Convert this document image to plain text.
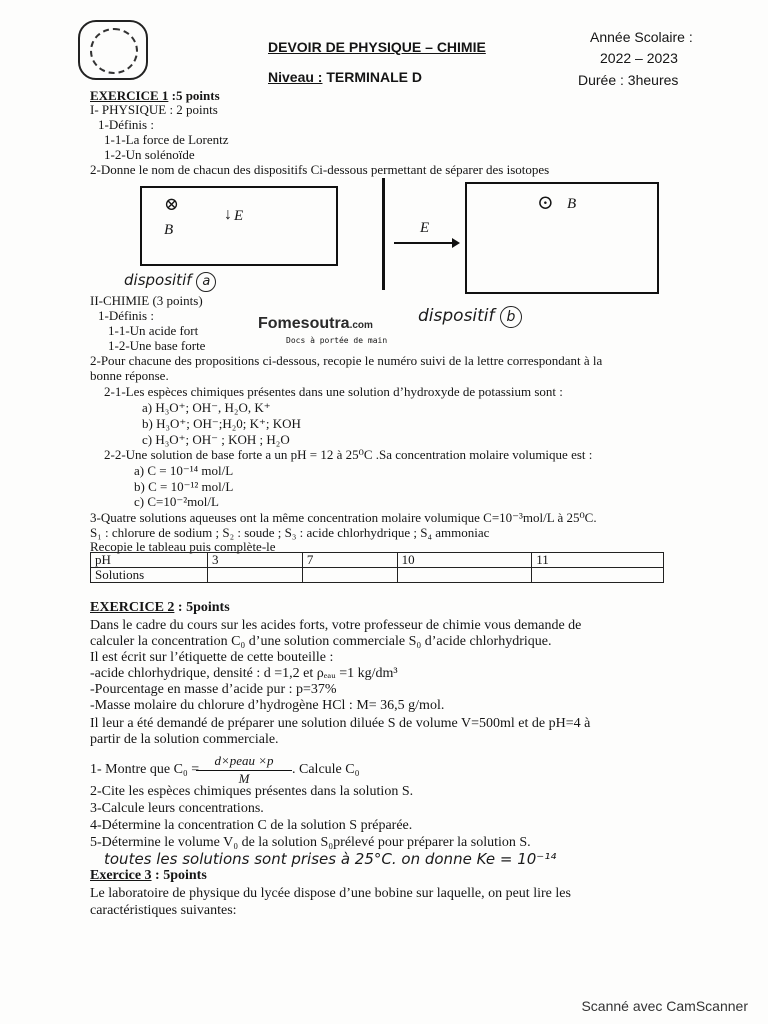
DEVOIR DE PHYSIQUE – CHIMIE
Niveau : TERMINALE D
Année Scolaire :
2022 – 2023
Durée : 3heures
EXERCICE 1 :5 points
I- PHYSIQUE : 2 points
1-Définis :
1-1-La force de Lorentz
1-2-Un solénoïde
2-Donne le nom de chacun des dispositifs Ci-dessous permettant de séparer des isotopes
⊗
B⃗
↓ E⃗
dispositif a
E⃗
⊙ B⃗
II-CHIMIE (3 points)
1-Définis :
1-1-Un acide fort
1-2-Une base forte
Fomesoutra.com
Docs à portée de main
dispositif b
2-Pour chacune des propositions ci-dessous, recopie le numéro suivi de la lettre correspondant à la
bonne réponse.
2-1-Les espèces chimiques présentes dans une solution d’hydroxyde de potassium sont :
a) H₃O⁺; OH⁻, H₂O, K⁺
b) H₃O⁺; OH⁻;H₂0; K⁺; KOH
c) H₃O⁺; OH⁻ ; KOH ; H₂O
2-2-Une solution de base forte a un pH = 12 à 25⁰C .Sa concentration molaire volumique est :
a) C = 10⁻¹⁴ mol/L
b) C = 10⁻¹² mol/L
c) C=10⁻²mol/L
3-Quatre solutions aqueuses ont la même concentration molaire volumique C=10⁻³mol/L à 25⁰C.
S₁ : chlorure de sodium ; S₂ : soude ; S₃ : acide chlorhydrique ; S₄ ammoniac
Recopie le tableau puis complète-le
pH	3	7	10	11
Solutions				
EXERCICE 2 : 5points
Dans le cadre du cours sur les acides forts, votre professeur de chimie vous demande de
calculer la concentration C₀ d’une solution commerciale S₀ d’acide chlorhydrique.
Il est écrit sur l’étiquette de cette bouteille :
-acide chlorhydrique, densité : d =1,2 et ρₑₐᵤ =1 kg/dm³
-Pourcentage en masse d’acide pur : p=37%
-Masse molaire du chlorure d’hydrogène HCl : M= 36,5 g/mol.
Il leur a été demandé de préparer une solution diluée S de volume V=500ml et de pH=4 à
partir de la solution commerciale.
1- Montre que C₀ =
d×peau ×p
M
. Calcule C₀
2-Cite les espèces chimiques présentes dans la solution S.
3-Calcule leurs concentrations.
4-Détermine la concentration C de la solution S préparée.
5-Détermine le volume V₀ de la solution S₀prélevé pour préparer la solution S.
toutes les solutions sont prises à 25°C. on donne Ke = 10⁻¹⁴
Exercice 3 : 5points
Le laboratoire de physique du lycée dispose d’une bobine sur laquelle, on peut lire les
caractéristiques suivantes:
Scanné avec CamScanner
